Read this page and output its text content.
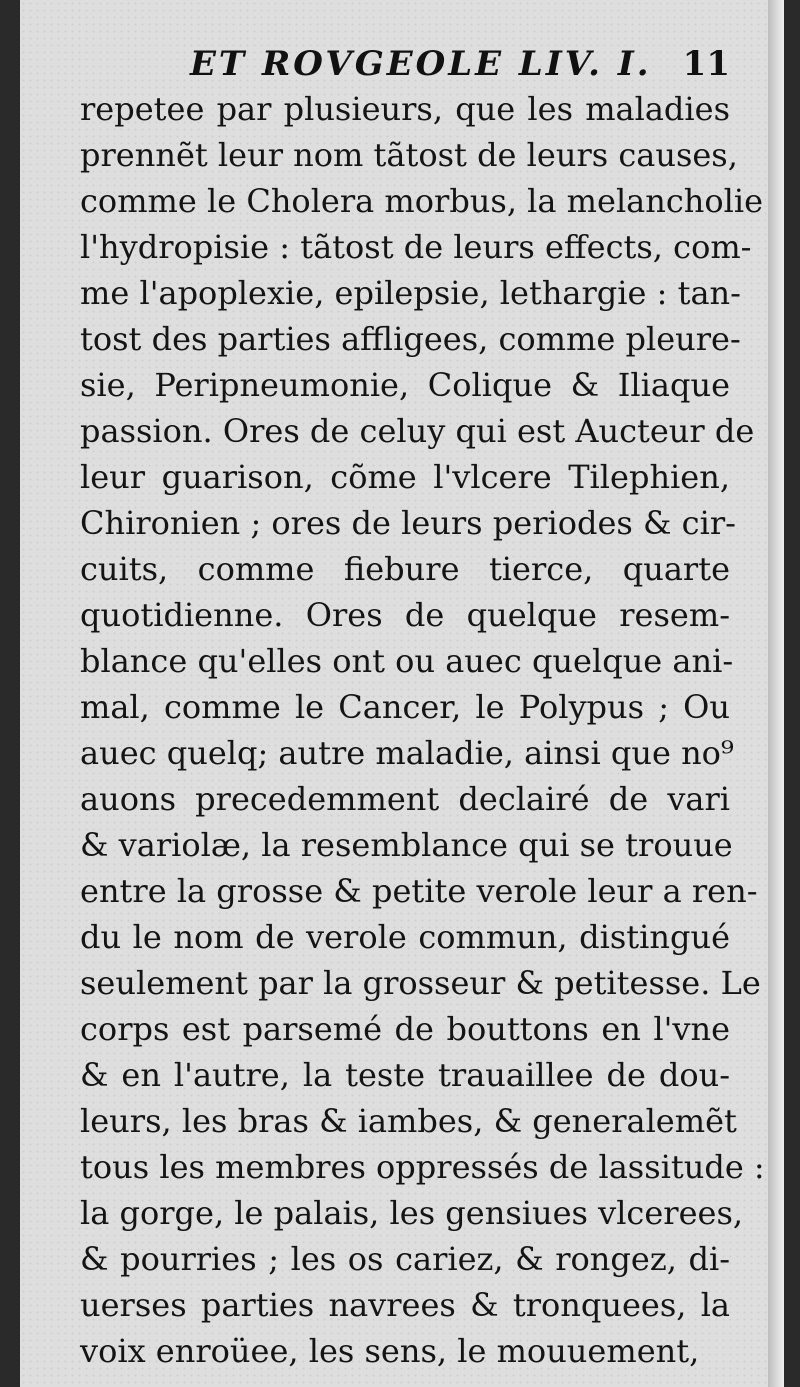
ET ROVGEOLE LIV. I. 11
repetee par plusieurs, que les maladies
prennẽt leur nom tãtost de leurs causes,
comme le Cholera morbus, la melancholie
l'hydropisie : tãtost de leurs effects, com-
me l'apoplexie, epilepsie, lethargie : tan-
tost des parties affligees, comme pleure-
sie, Peripneumonie, Colique & Iliaque
passion. Ores de celuy qui est Aucteur de
leur guarison, cõme l'vlcere Tilephien,
Chironien ; ores de leurs periodes & cir-
cuits, comme fiebure tierce, quarte
quotidienne. Ores de quelque resem-
blance qu'elles ont ou auec quelque ani-
mal, comme le Cancer, le Polypus ; Ou
auec quelq; autre maladie, ainsi que no⁹
auons precedemment declairé de vari
& variolæ, la resemblance qui se trouue
entre la grosse & petite verole leur a ren-
du le nom de verole commun, distingué
seulement par la grosseur & petitesse. Le
corps est parsemé de bouttons en l'vne
& en l'autre, la teste trauaillee de dou-
leurs, les bras & iambes, & generalemẽt
tous les membres oppressés de lassitude :
la gorge, le palais, les gensiues vlcerees,
& pourries ; les os cariez, & rongez, di-
uerses parties navrees & tronquees, la
voix enroüee, les sens, le mouuement,
